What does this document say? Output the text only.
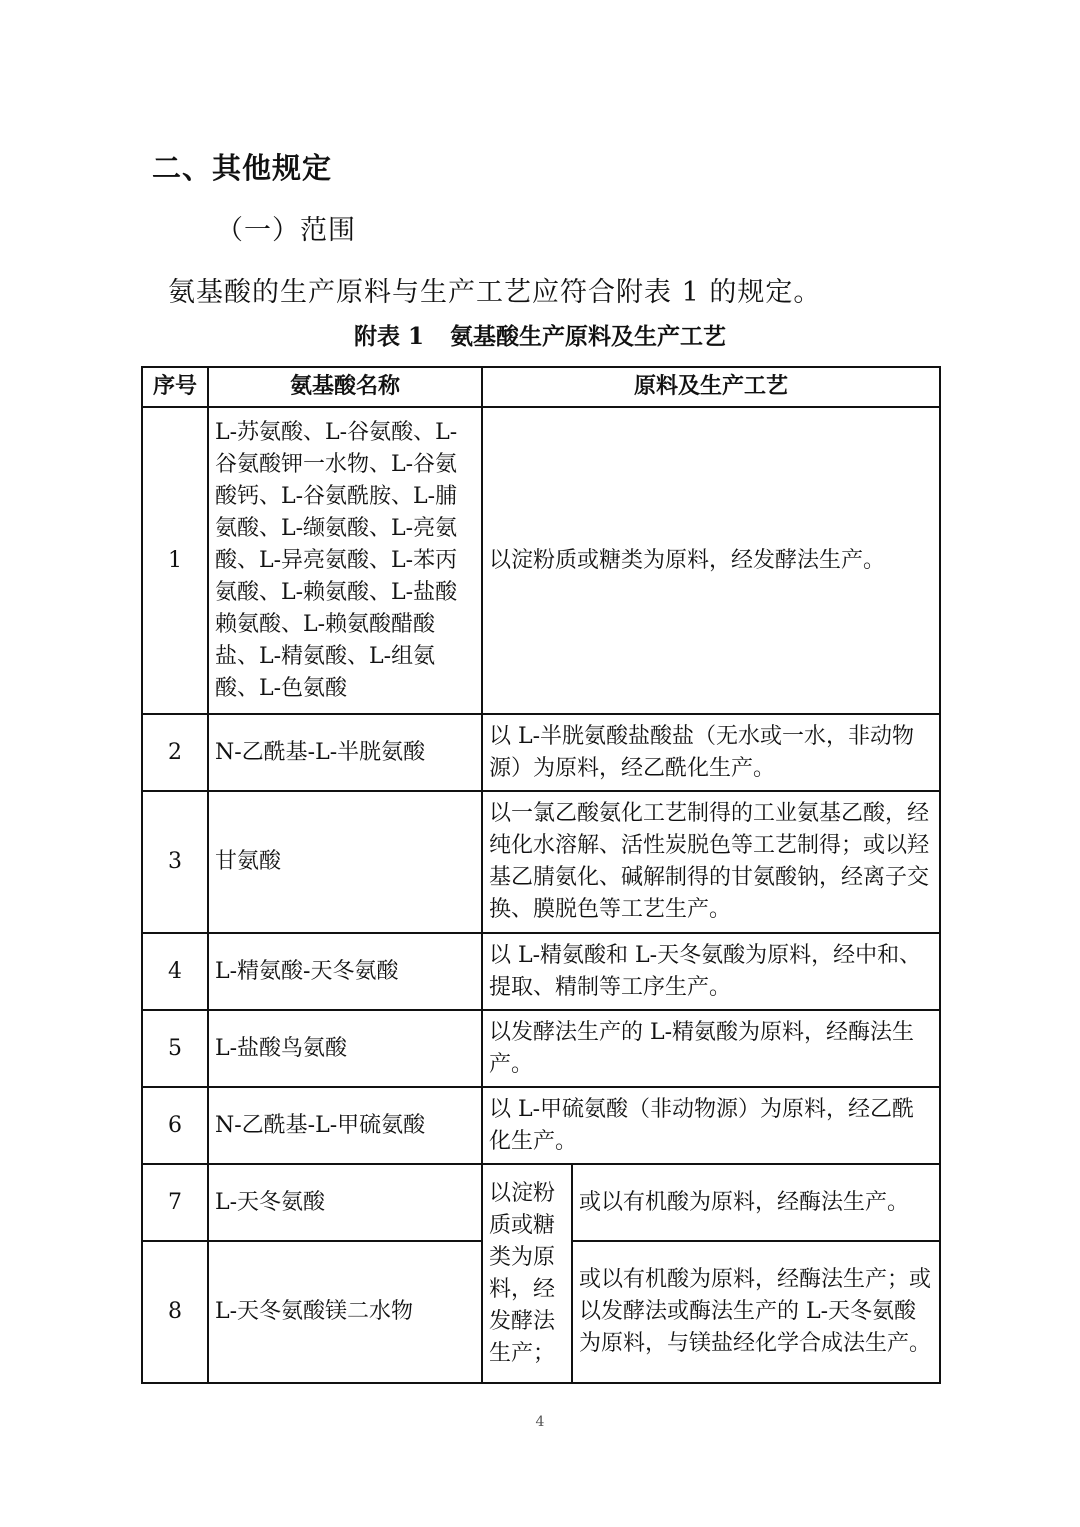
二、其他规定
（一）范围
氨基酸的生产原料与生产工艺应符合附表 1 的规定。
附表 1 氨基酸生产原料及生产工艺
序号	氨基酸名称	原料及生产工艺	
1	L-苏氨酸、L-谷氨酸、L-谷氨酸钾一水物、L-谷氨酸钙、L-谷氨酰胺、L-脯氨酸、L-缬氨酸、L-亮氨酸、L-异亮氨酸、L-苯丙氨酸、L-赖氨酸、L-盐酸赖氨酸、L-赖氨酸醋酸盐、L-精氨酸、L-组氨酸、L-色氨酸	以淀粉质或糖类为原料，经发酵法生产。	
2	N-乙酰基-L-半胱氨酸	以 L-半胱氨酸盐酸盐（无水或一水，非动物源）为原料，经乙酰化生产。	
3	甘氨酸	以一氯乙酸氨化工艺制得的工业氨基乙酸，经纯化水溶解、活性炭脱色等工艺制得；或以羟基乙腈氨化、碱解制得的甘氨酸钠，经离子交换、膜脱色等工艺生产。	
4	L-精氨酸-天冬氨酸	以 L-精氨酸和 L-天冬氨酸为原料，经中和、提取、精制等工序生产。	
5	L-盐酸鸟氨酸	以发酵法生产的 L-精氨酸为原料，经酶法生产。	
6	N-乙酰基-L-甲硫氨酸	以 L-甲硫氨酸（非动物源）为原料，经乙酰化生产。	
7	L-天冬氨酸	以淀粉质或糖类为原料，经发酵法生产；	或以有机酸为原料，经酶法生产。
8	L-天冬氨酸镁二水物		或以有机酸为原料，经酶法生产；或以发酵法或酶法生产的 L-天冬氨酸为原料，与镁盐经化学合成法生产。
4
